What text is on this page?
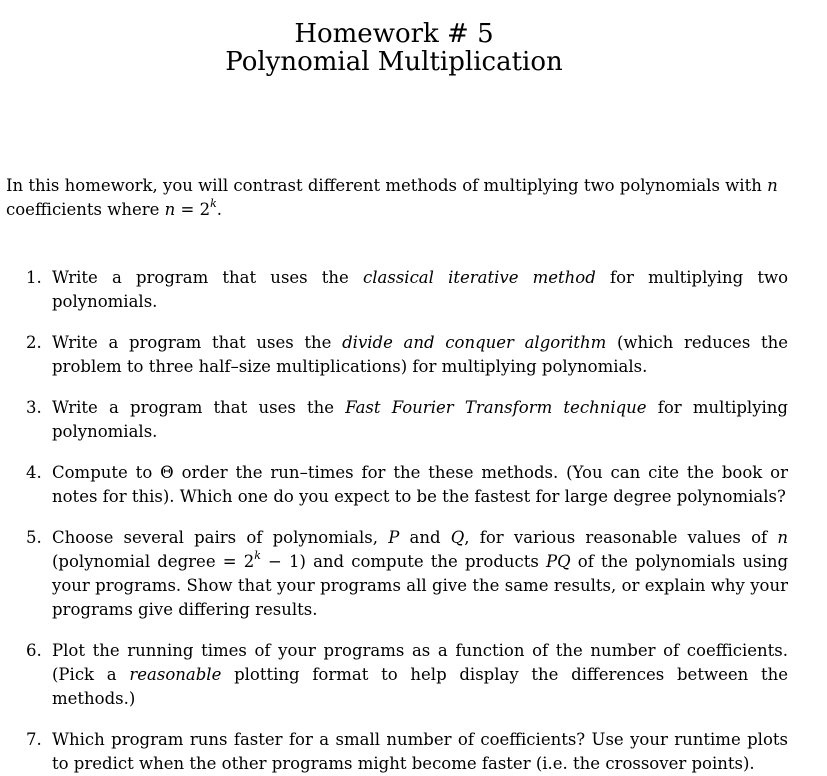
Homework # 5
Polynomial Multiplication
In this homework, you will contrast different methods of multiplying two polynomials with n coefficients where $n = 2^k$.
1. Write a program that uses the classical iterative method for multiplying two polynomials.
2. Write a program that uses the divide and conquer algorithm (which reduces the problem to three half–size multiplications) for multiplying polynomials.
3. Write a program that uses the Fast Fourier Transform technique for multiplying polynomials.
4. Compute to Θ order the run–times for the these methods. (You can cite the book or notes for this). Which one do you expect to be the fastest for large degree polynomials?
5. Choose several pairs of polynomials, P and Q, for various reasonable values of n (polynomial degree = $2^k - 1$) and compute the products PQ of the polynomials using your programs. Show that your programs all give the same results, or explain why your programs give differing results.
6. Plot the running times of your programs as a function of the number of coefficients. (Pick a reasonable plotting format to help display the differences between the methods.)
7. Which program runs faster for a small number of coefficients? Use your runtime plots to predict when the other programs might become faster (i.e. the crossover points).
